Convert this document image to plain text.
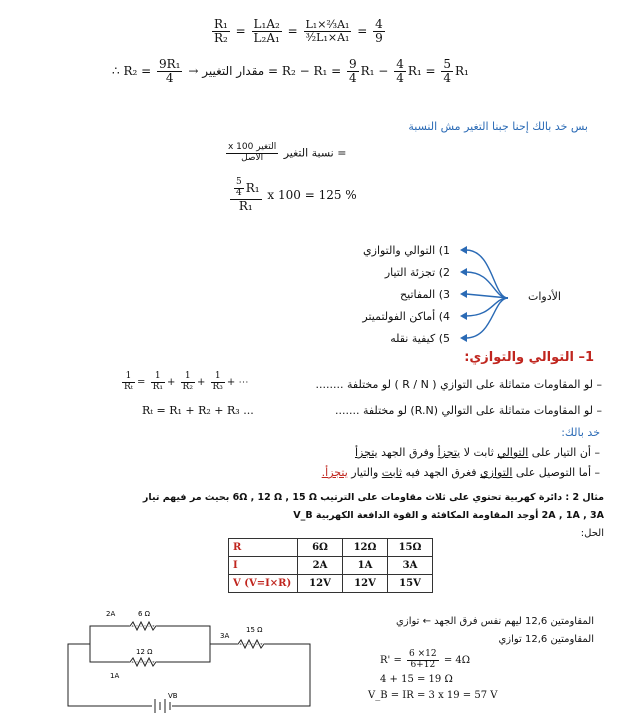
$\frac{\text{R₁}}{\text{R₂}} = \frac{\text{L₁A₂}}{\text{L₂A₁}} = \frac{\text{L₁×²⁄₃A₁}}{\text{³⁄₂L₁×A₁}} = \frac{4}{9}$
∴ $R_2 = \frac{\text{9R₁}}{4}$ → مقدار التغيير = $R_2 - R_1 = \frac{9}{4} R_1 - \frac{4}{4} R_1 = \frac{5}{4} R_1$
بس خد بالك إحنا جبنا التغير مش النسبة
$\frac{\text{التغير x 100}}{\text{الاصل}}$ نسبة التغير =
$\frac{\frac{5}{4} R_1}{\text{R₁}}$ x 100 = 125 %
1) التوالي والتوازي
2) تجزئة التيار
3) المفاتيح
4) أماكن الفولتميتر
5) كيفية نقله
الأدوات
1– التوالي والتوازي:
– لو المقاومات متماثلة على التوازي ( R / N ) لو مختلفة ........
$\frac{1}{\text{Rₜ}} = \frac{1}{\text{R₁}} + \frac{1}{\text{R₂}} + \frac{1}{\text{R₃}}$ + ⋯
– لو المقاومات متماثلة على التوالي (R.N) لو مختلفة .......
Rₜ = R₁ + R₂ + R₃ ...
خد بالك:
– أن التيار على التوالي ثابت لا يتجزأ وفرق الجهد يتجزأ
– أما التوصيل على التوازي فغرق الجهد فيه ثابت والتيار يتجزأ.
مثال 2 : دائرة كهربية تحتوي على ثلاث مقاومات على الترتيب 6Ω , 12 Ω , 15 Ω بحيث مر فيهم تيار
2A , 1A , 3A أوجد المقاومة المكافئة و القوة الدافعة الكهربية V_B
الحل:
R	6Ω	12Ω	15Ω
I	2A	1A	3A
V (V=I×R)	12V	12V	15V
2A	6 Ω
3A
15 Ω
12 Ω
1A
VB
المقاومتين 12,6 ليهم نفس فرق الجهد ← توازي
المقاومتين 12,6 توازي
$R' = \frac{6 \times 12}{6+12} = 4\Omega$
4 + 15 = 19 Ω
V_B = IR = 3 x 19 = 57 V
